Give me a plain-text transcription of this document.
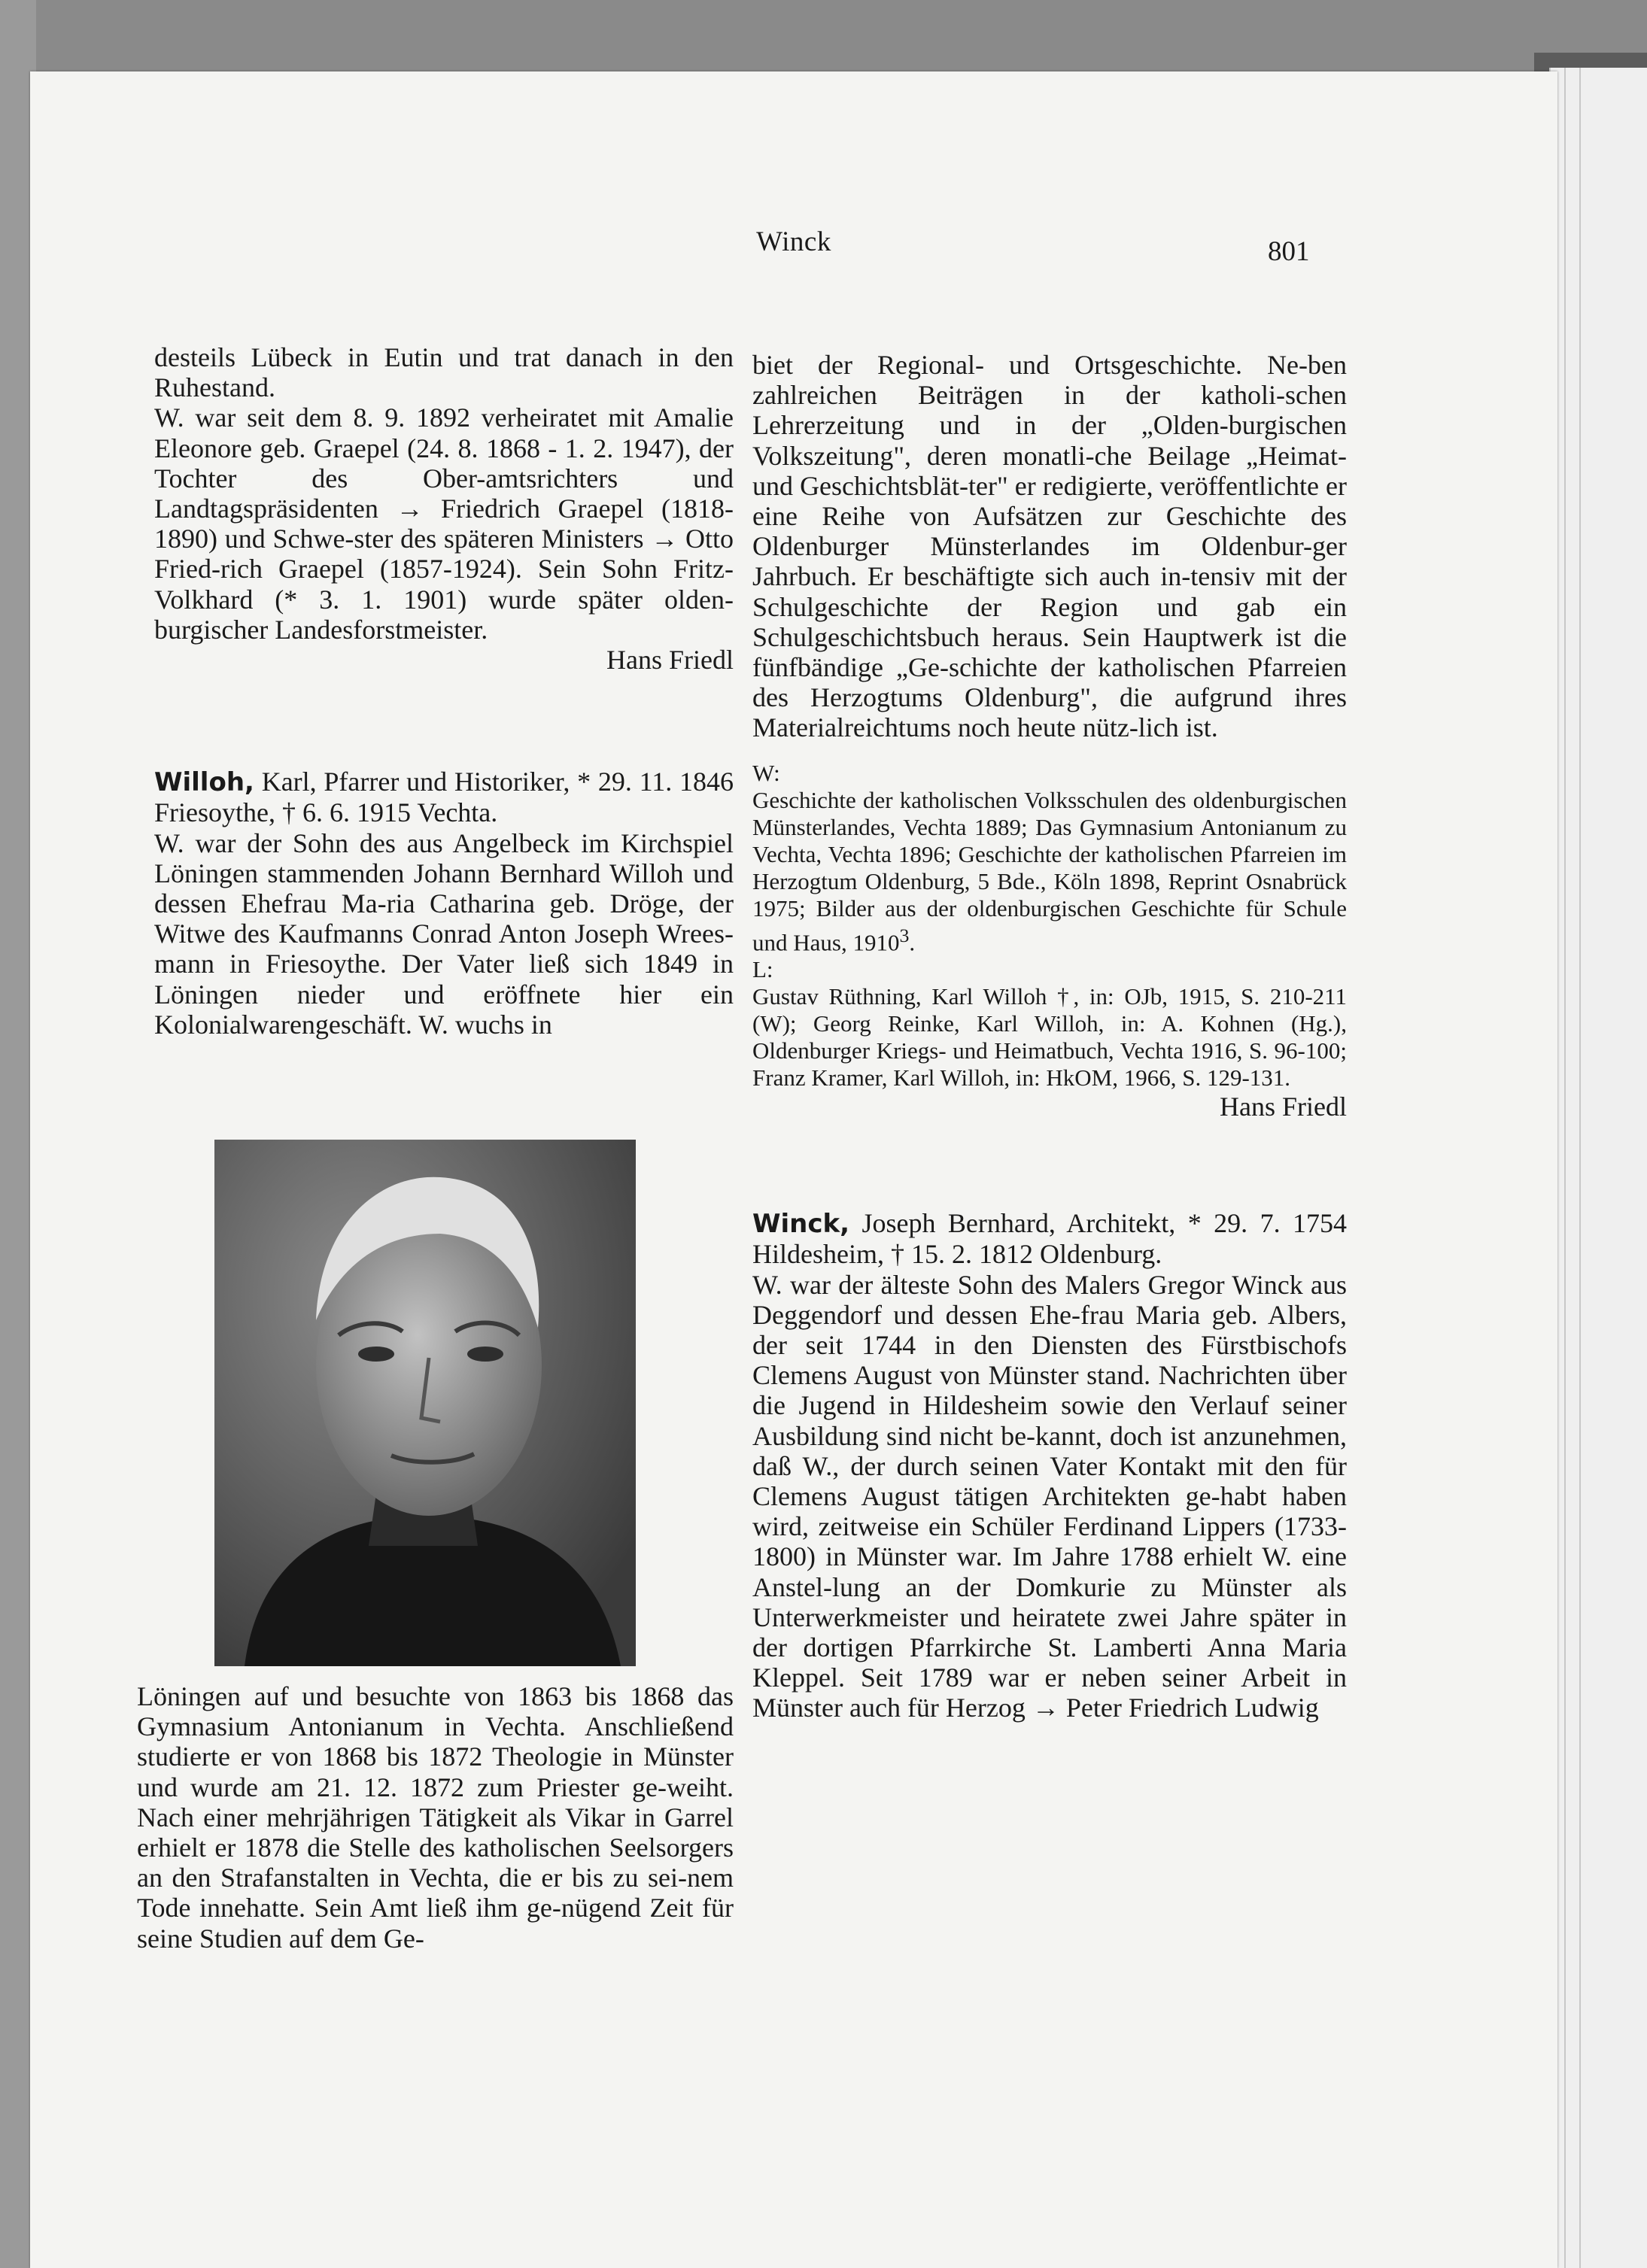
Winck	801

desteils Lübeck in Eutin und trat danach in den Ruhestand.

W. war seit dem 8. 9. 1892 verheiratet mit Amalie Eleonore geb. Graepel (24. 8. 1868 - 1. 2. 1947), der Tochter des Ober-amtsrichters und Landtagspräsidenten → Friedrich Graepel (1818-1890) und Schwe-ster des späteren Ministers → Otto Fried-rich Graepel (1857-1924). Sein Sohn Fritz-Volkhard (* 3. 1. 1901) wurde später olden-burgischer Landesforstmeister.

Hans Friedl

Willoh, Karl, Pfarrer und Historiker, * 29. 11. 1846 Friesoythe, † 6. 6. 1915 Vechta.

W. war der Sohn des aus Angelbeck im Kirchspiel Löningen stammenden Johann Bernhard Willoh und dessen Ehefrau Ma-ria Catharina geb. Dröge, der Witwe des Kaufmanns Conrad Anton Joseph Wrees-mann in Friesoythe. Der Vater ließ sich 1849 in Löningen nieder und eröffnete hier ein Kolonialwarengeschäft. W. wuchs in

Löningen auf und besuchte von 1863 bis 1868 das Gymnasium Antonianum in Vechta. Anschließend studierte er von 1868 bis 1872 Theologie in Münster und wurde am 21. 12. 1872 zum Priester ge-weiht. Nach einer mehrjährigen Tätigkeit als Vikar in Garrel erhielt er 1878 die Stelle des katholischen Seelsorgers an den Strafanstalten in Vechta, die er bis zu sei-nem Tode innehatte. Sein Amt ließ ihm ge-nügend Zeit für seine Studien auf dem Ge-

biet der Regional- und Ortsgeschichte. Ne-ben zahlreichen Beiträgen in der katholi-schen Lehrerzeitung und in der „Olden-burgischen Volkszeitung", deren monatli-che Beilage „Heimat- und Geschichtsblät-ter" er redigierte, veröffentlichte er eine Reihe von Aufsätzen zur Geschichte des Oldenburger Münsterlandes im Oldenbur-ger Jahrbuch. Er beschäftigte sich auch in-tensiv mit der Schulgeschichte der Region und gab ein Schulgeschichtsbuch heraus. Sein Hauptwerk ist die fünfbändige „Ge-schichte der katholischen Pfarreien des Herzogtums Oldenburg", die aufgrund ihres Materialreichtums noch heute nütz-lich ist.

W:

Geschichte der katholischen Volksschulen des oldenburgischen Münsterlandes, Vechta 1889; Das Gymnasium Antonianum zu Vechta, Vechta 1896; Geschichte der katholischen Pfarreien im Herzogtum Oldenburg, 5 Bde., Köln 1898, Reprint Osnabrück 1975; Bilder aus der oldenburgischen Geschichte für Schule und Haus, 1910$^3$.

L:

Gustav Rüthning, Karl Willoh †, in: OJb, 1915, S. 210-211 (W); Georg Reinke, Karl Willoh, in: A. Kohnen (Hg.), Oldenburger Kriegs- und Heimatbuch, Vechta 1916, S. 96-100; Franz Kramer, Karl Willoh, in: HkOM, 1966, S. 129-131.

Hans Friedl

Winck, Joseph Bernhard, Architekt, * 29. 7. 1754 Hildesheim, † 15. 2. 1812 Oldenburg.

W. war der älteste Sohn des Malers Gregor Winck aus Deggendorf und dessen Ehe-frau Maria geb. Albers, der seit 1744 in den Diensten des Fürstbischofs Clemens August von Münster stand. Nachrichten über die Jugend in Hildesheim sowie den Verlauf seiner Ausbildung sind nicht be-kannt, doch ist anzunehmen, daß W., der durch seinen Vater Kontakt mit den für Clemens August tätigen Architekten ge-habt haben wird, zeitweise ein Schüler Ferdinand Lippers (1733-1800) in Münster war. Im Jahre 1788 erhielt W. eine Anstel-lung an der Domkurie zu Münster als Unterwerkmeister und heiratete zwei Jahre später in der dortigen Pfarrkirche St. Lamberti Anna Maria Kleppel. Seit 1789 war er neben seiner Arbeit in Münster auch für Herzog → Peter Friedrich Ludwig
